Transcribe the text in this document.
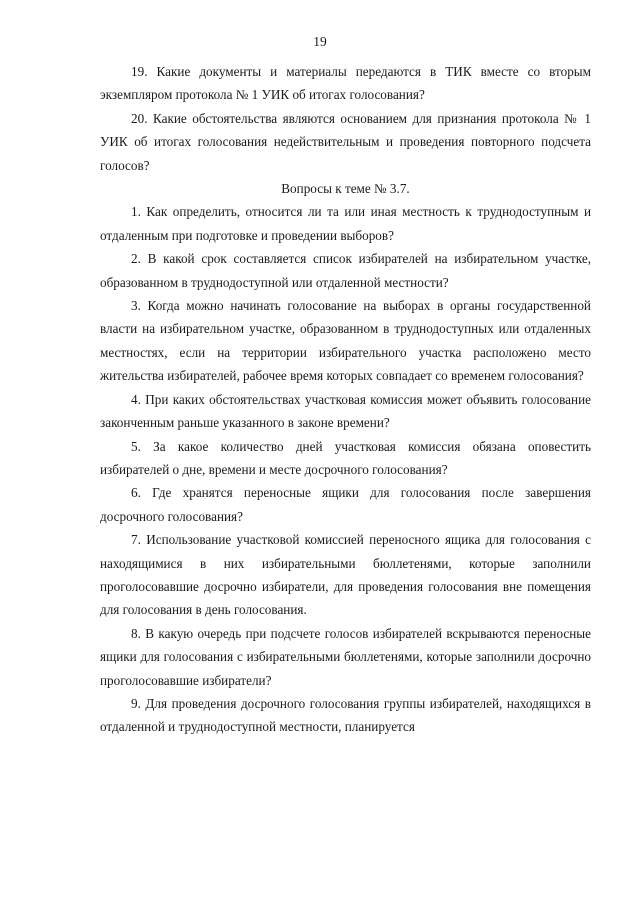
19

19. Какие документы и материалы передаются в ТИК вместе со вторым экземпляром протокола № 1 УИК об итогах голосования?

20. Какие обстоятельства являются основанием для признания протокола № 1 УИК об итогах голосования недействительным и проведения повторного подсчета голосов?

Вопросы к теме № 3.7.

1. Как определить, относится ли та или иная местность к труднодоступным и отдаленным при подготовке и проведении выборов?

2. В какой срок составляется список избирателей на избирательном участке, образованном в труднодоступной или отдаленной местности?

3. Когда можно начинать голосование на выборах в органы государственной власти на избирательном участке, образованном в труднодоступных или отдаленных местностях, если на территории избирательного участка расположено место жительства избирателей, рабочее время которых совпадает со временем голосования?

4. При каких обстоятельствах участковая комиссия может объявить голосование законченным раньше указанного в законе времени?

5. За какое количество дней участковая комиссия обязана оповестить избирателей о дне, времени и месте досрочного голосования?

6. Где хранятся переносные ящики для голосования после завершения досрочного голосования?

7. Использование участковой комиссией переносного ящика для голосования с находящимися в них избирательными бюллетенями, которые заполнили проголосовавшие досрочно избиратели, для проведения голосования вне помещения для голосования в день голосования.

8. В какую очередь при подсчете голосов избирателей вскрываются переносные ящики для голосования с избирательными бюллетенями, которые заполнили досрочно проголосовавшие избиратели?

9. Для проведения досрочного голосования группы избирателей, находящихся в отдаленной и труднодоступной местности, планируется
